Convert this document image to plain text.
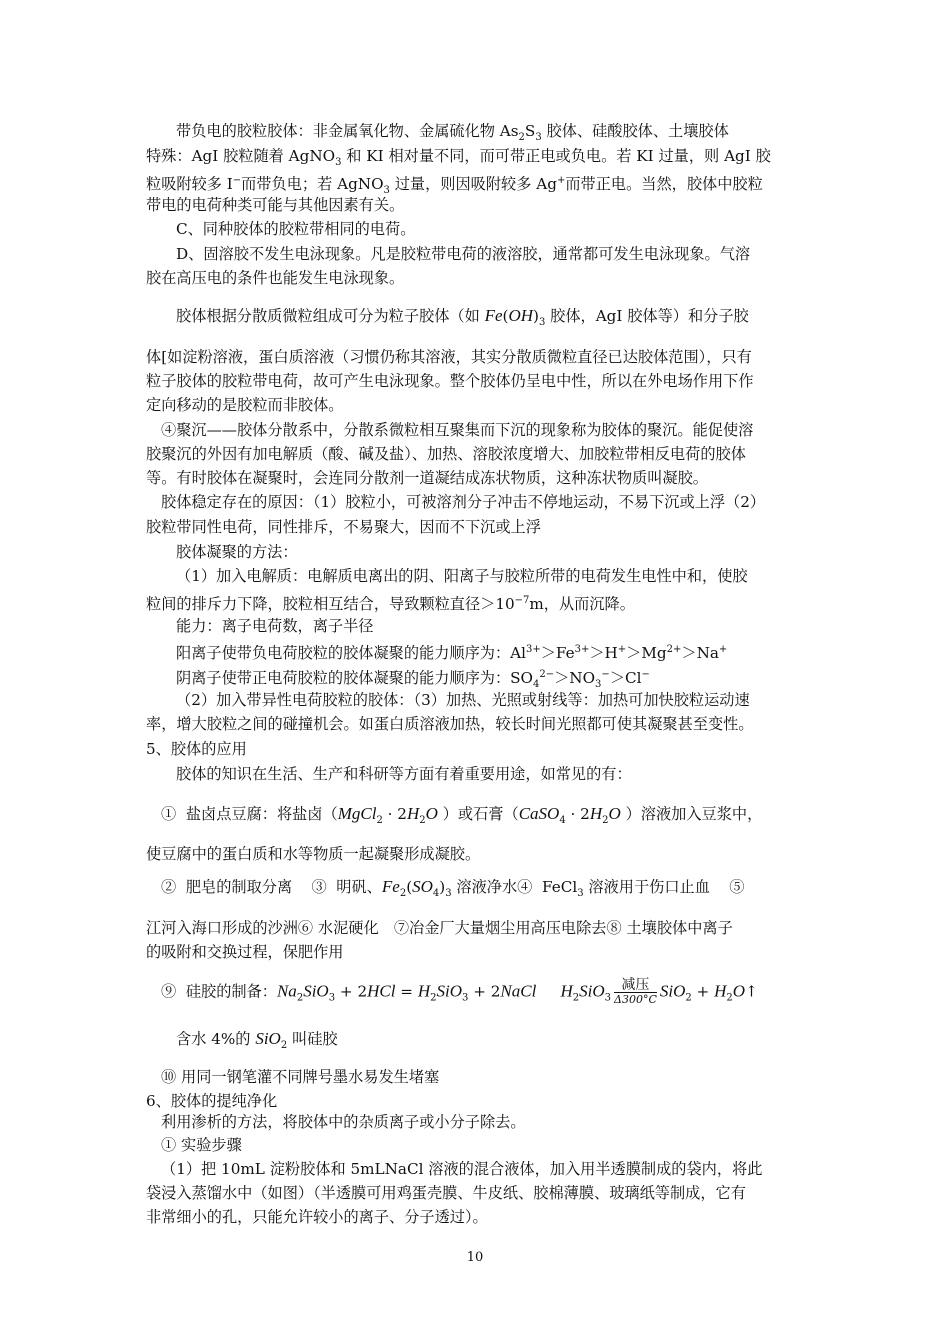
带负电的胶粒胶体：非金属氧化物、金属硫化物 $As_2S_3$ 胶体、硅酸胶体、土壤胶体
特殊：AgI 胶粒随着 AgNO$_3$ 和 KI 相对量不同，而可带正电或负电。若 KI 过量，则 AgI 胶
粒吸附较多 I−而带负电；若 AgNO$_3$ 过量，则因吸附较多 Ag+而带正电。当然，胶体中胶粒
带电的电荷种类可能与其他因素有关。
C、同种胶体的胶粒带相同的电荷。
D、固溶胶不发生电泳现象。凡是胶粒带电荷的液溶胶，通常都可发生电泳现象。气溶
胶在高压电的条件也能发生电泳现象。
胶体根据分散质微粒组成可分为粒子胶体（如 $Fe(OH)_3$ 胶体，AgI 胶体等）和分子胶
体[如淀粉溶液，蛋白质溶液（习惯仍称其溶液，其实分散质微粒直径已达胶体范围），只有
粒子胶体的胶粒带电荷，故可产生电泳现象。整个胶体仍呈电中性，所以在外电场作用下作
定向移动的是胶粒而非胶体。
④聚沉——胶体分散系中，分散系微粒相互聚集而下沉的现象称为胶体的聚沉。能促使溶
胶聚沉的外因有加电解质（酸、碱及盐）、加热、溶胶浓度增大、加胶粒带相反电荷的胶体
等。有时胶体在凝聚时，会连同分散剂一道凝结成冻状物质，这种冻状物质叫凝胶。
胶体稳定存在的原因：（1）胶粒小，可被溶剂分子冲击不停地运动，不易下沉或上浮（2）
胶粒带同性电荷，同性排斥，不易聚大，因而不下沉或上浮
胶体凝聚的方法：
（1）加入电解质：电解质电离出的阴、阳离子与胶粒所带的电荷发生电性中和，使胶
粒间的排斥力下降，胶粒相互结合，导致颗粒直径$>10^{-7}m$，从而沉降。
能力：离子电荷数，离子半径
阳离子使带负电荷胶粒的胶体凝聚的能力顺序为：$Al^{3+}>Fe^{3+}>H^+>Mg^{2+}>Na^+$
阴离子使带正电荷胶粒的胶体凝聚的能力顺序为：$SO_4^{2-}>NO_3^->Cl^-$
（2）加入带异性电荷胶粒的胶体：（3）加热、光照或射线等：加热可加快胶粒运动速
率，增大胶粒之间的碰撞机会。如蛋白质溶液加热，较长时间光照都可使其凝聚甚至变性。
5、胶体的应用
胶体的知识在生活、生产和科研等方面有着重要用途，如常见的有：
①  盐卤点豆腐：将盐卤（MgCl$_2$ · $2H_2O$ ）或石膏（CaSO$_4$ · $2H_2O$ ）溶液加入豆浆中，
使豆腐中的蛋白质和水等物质一起凝聚形成凝胶。
②  肥皂的制取分离    ③  明矾、$Fe_2(SO_4)_3$ 溶液净水④  FeCl$_3$ 溶液用于伤口止血    ⑤
江河入海口形成的沙洲⑥ 水泥硬化　⑦冶金厂大量烟尘用高压电除去⑧ 土壤胶体中离子
的吸附和交换过程，保肥作用
⑨  硅胶的制备：$Na_2SiO_3 + 2HCl = H_2SiO_3$ + 2NaCl $H_2SiO_3 \frac{\text{减压}}{\Delta 300^\circ C} SiO_2$ + $H_2O↑$
含水 4%的 SiO$_2$ 叫硅胶
⑩ 用同一钢笔灌不同牌号墨水易发生堵塞
6、胶体的提纯净化
利用渗析的方法，将胶体中的杂质离子或小分子除去。
① 实验步骤
（1）把 10mL 淀粉胶体和 5mLNaCl 溶液的混合液体，加入用半透膜制成的袋内，将此
袋浸入蒸馏水中（如图）（半透膜可用鸡蛋壳膜、牛皮纸、胶棉薄膜、玻璃纸等制成，它有
非常细小的孔，只能允许较小的离子、分子透过）。
10
